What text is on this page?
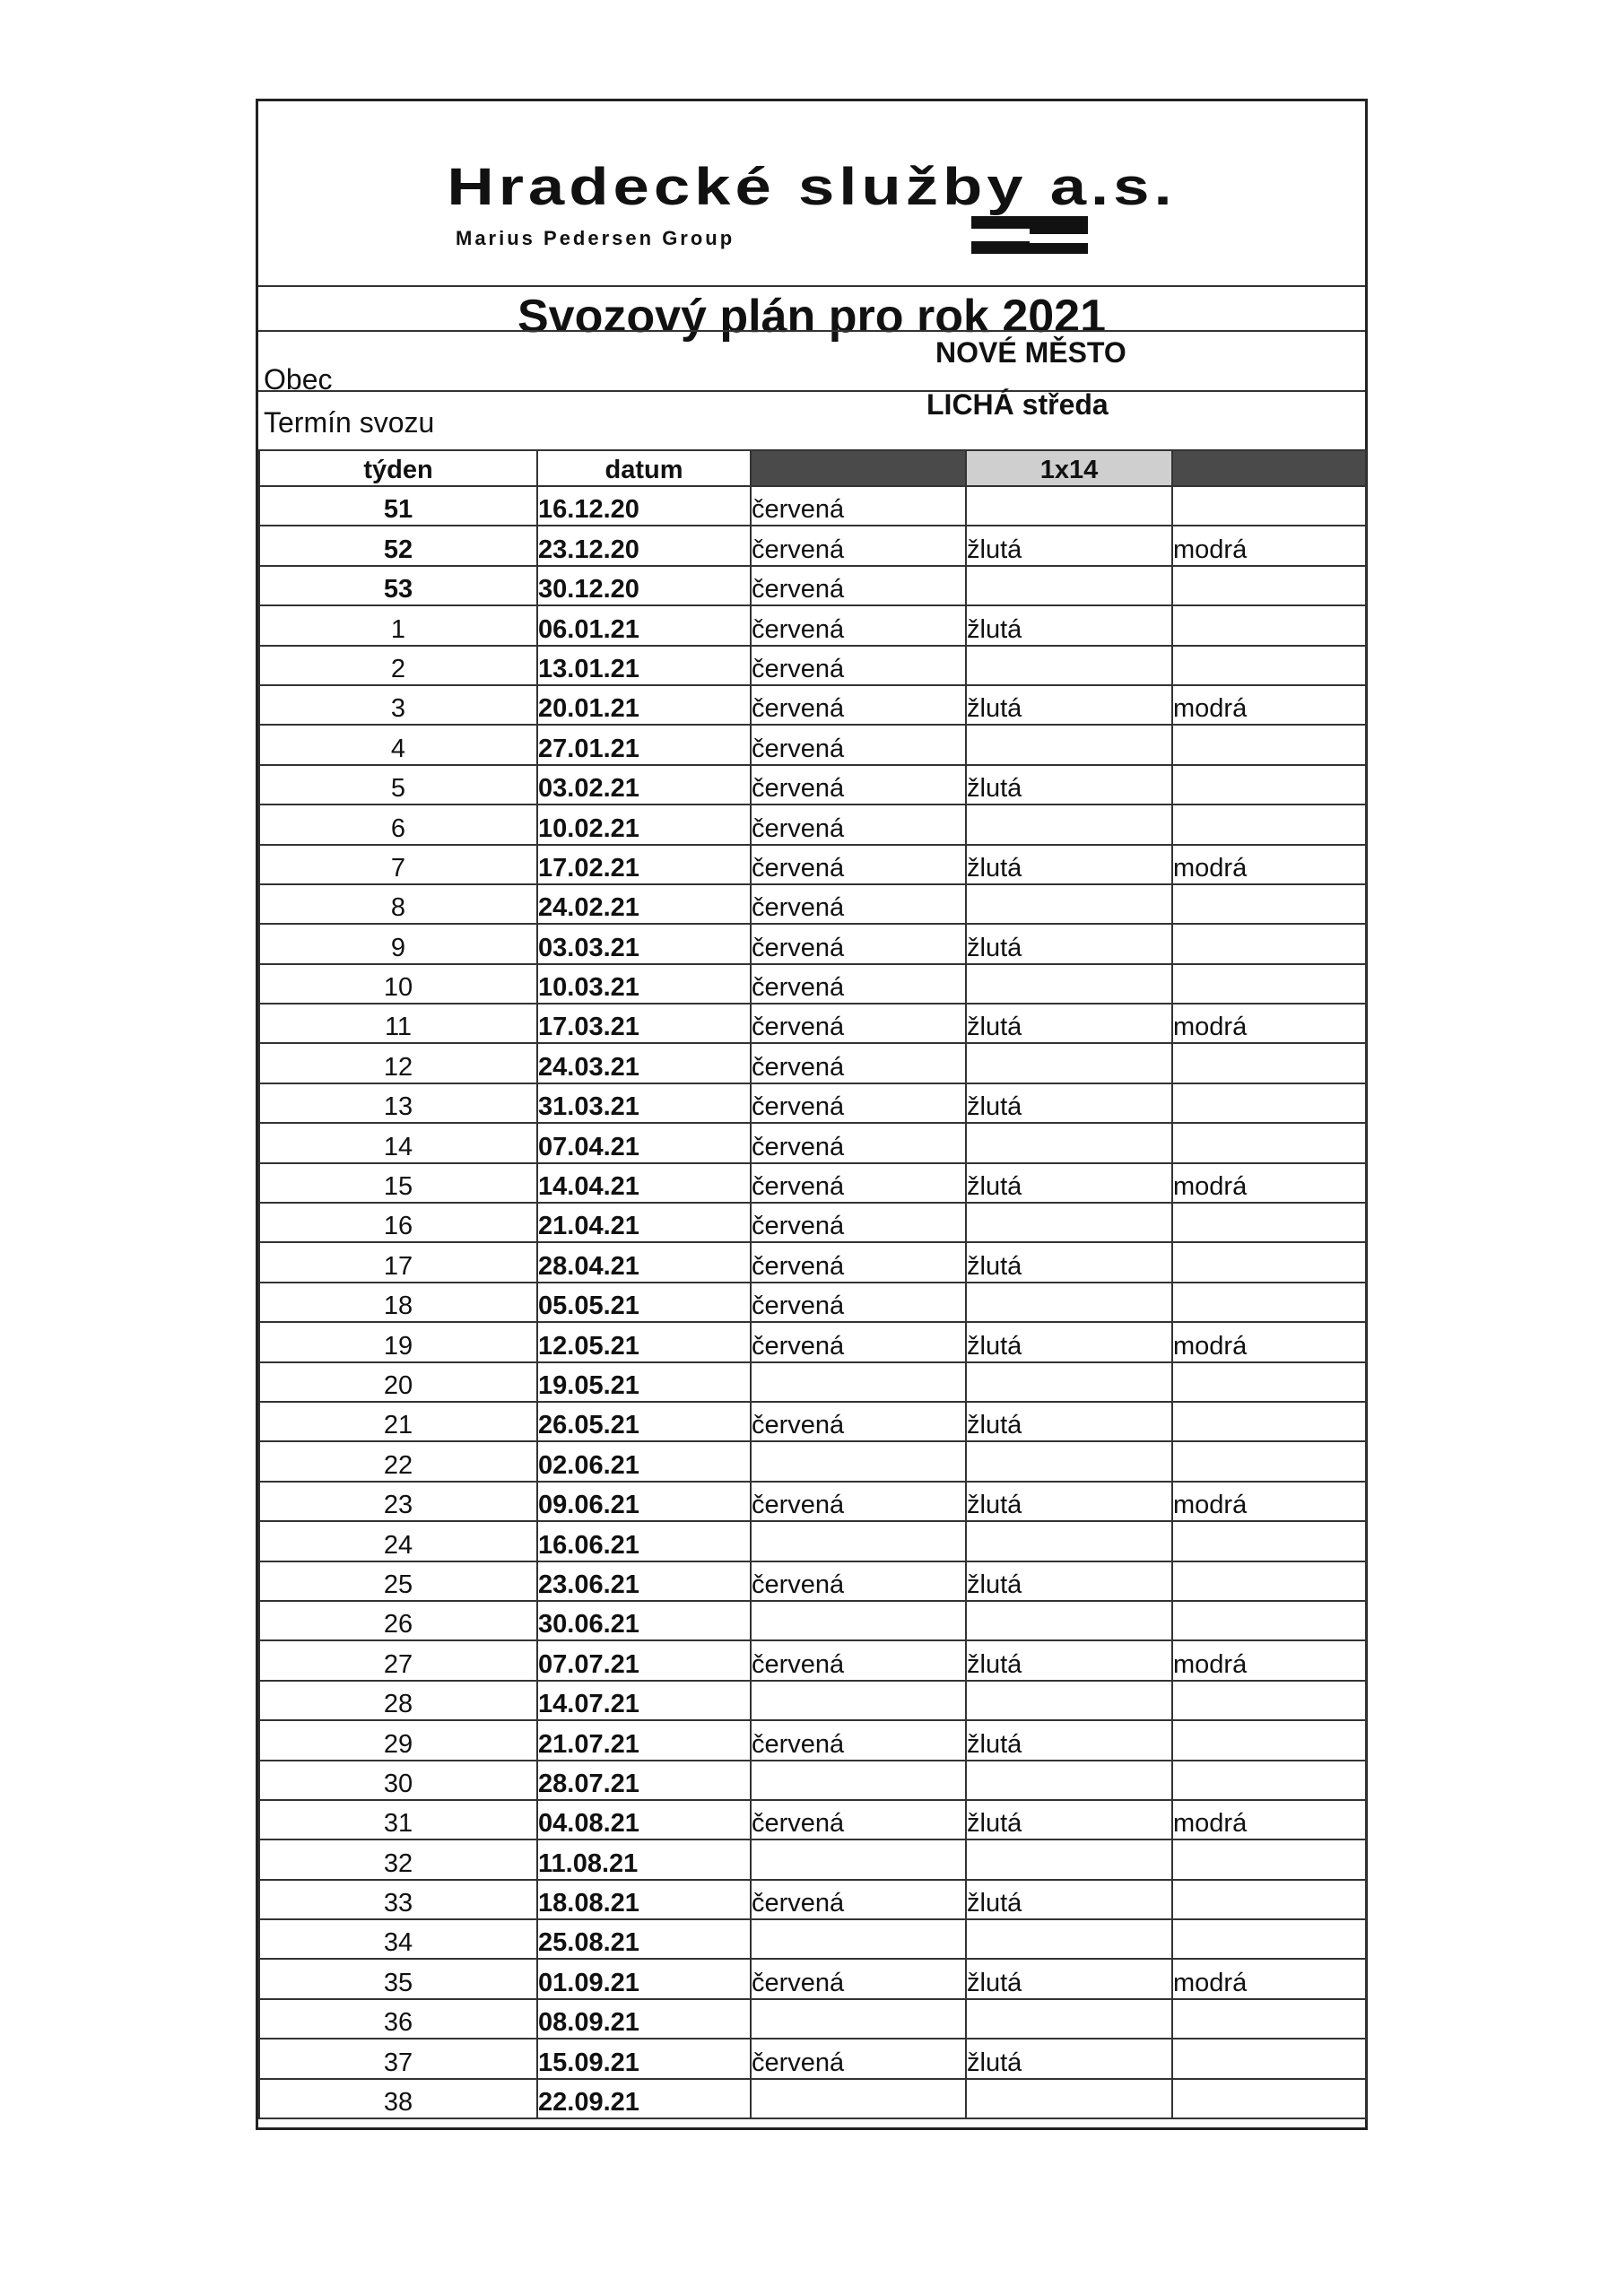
Hradecké služby a.s.
Marius Pedersen Group
Svozový plán pro rok 2021
Obec
NOVÉ MĚSTO
Termín svozu
LICHÁ středa
týden	datum		1x14	
51	16.12.20	červená		
52	23.12.20	červená	žlutá	modrá
53	30.12.20	červená		
1	06.01.21	červená	žlutá	
2	13.01.21	červená		
3	20.01.21	červená	žlutá	modrá
4	27.01.21	červená		
5	03.02.21	červená	žlutá	
6	10.02.21	červená		
7	17.02.21	červená	žlutá	modrá
8	24.02.21	červená		
9	03.03.21	červená	žlutá	
10	10.03.21	červená		
11	17.03.21	červená	žlutá	modrá
12	24.03.21	červená		
13	31.03.21	červená	žlutá	
14	07.04.21	červená		
15	14.04.21	červená	žlutá	modrá
16	21.04.21	červená		
17	28.04.21	červená	žlutá	
18	05.05.21	červená		
19	12.05.21	červená	žlutá	modrá
20	19.05.21			
21	26.05.21	červená	žlutá	
22	02.06.21			
23	09.06.21	červená	žlutá	modrá
24	16.06.21			
25	23.06.21	červená	žlutá	
26	30.06.21			
27	07.07.21	červená	žlutá	modrá
28	14.07.21			
29	21.07.21	červená	žlutá	
30	28.07.21			
31	04.08.21	červená	žlutá	modrá
32	11.08.21			
33	18.08.21	červená	žlutá	
34	25.08.21			
35	01.09.21	červená	žlutá	modrá
36	08.09.21			
37	15.09.21	červená	žlutá	
38	22.09.21			
